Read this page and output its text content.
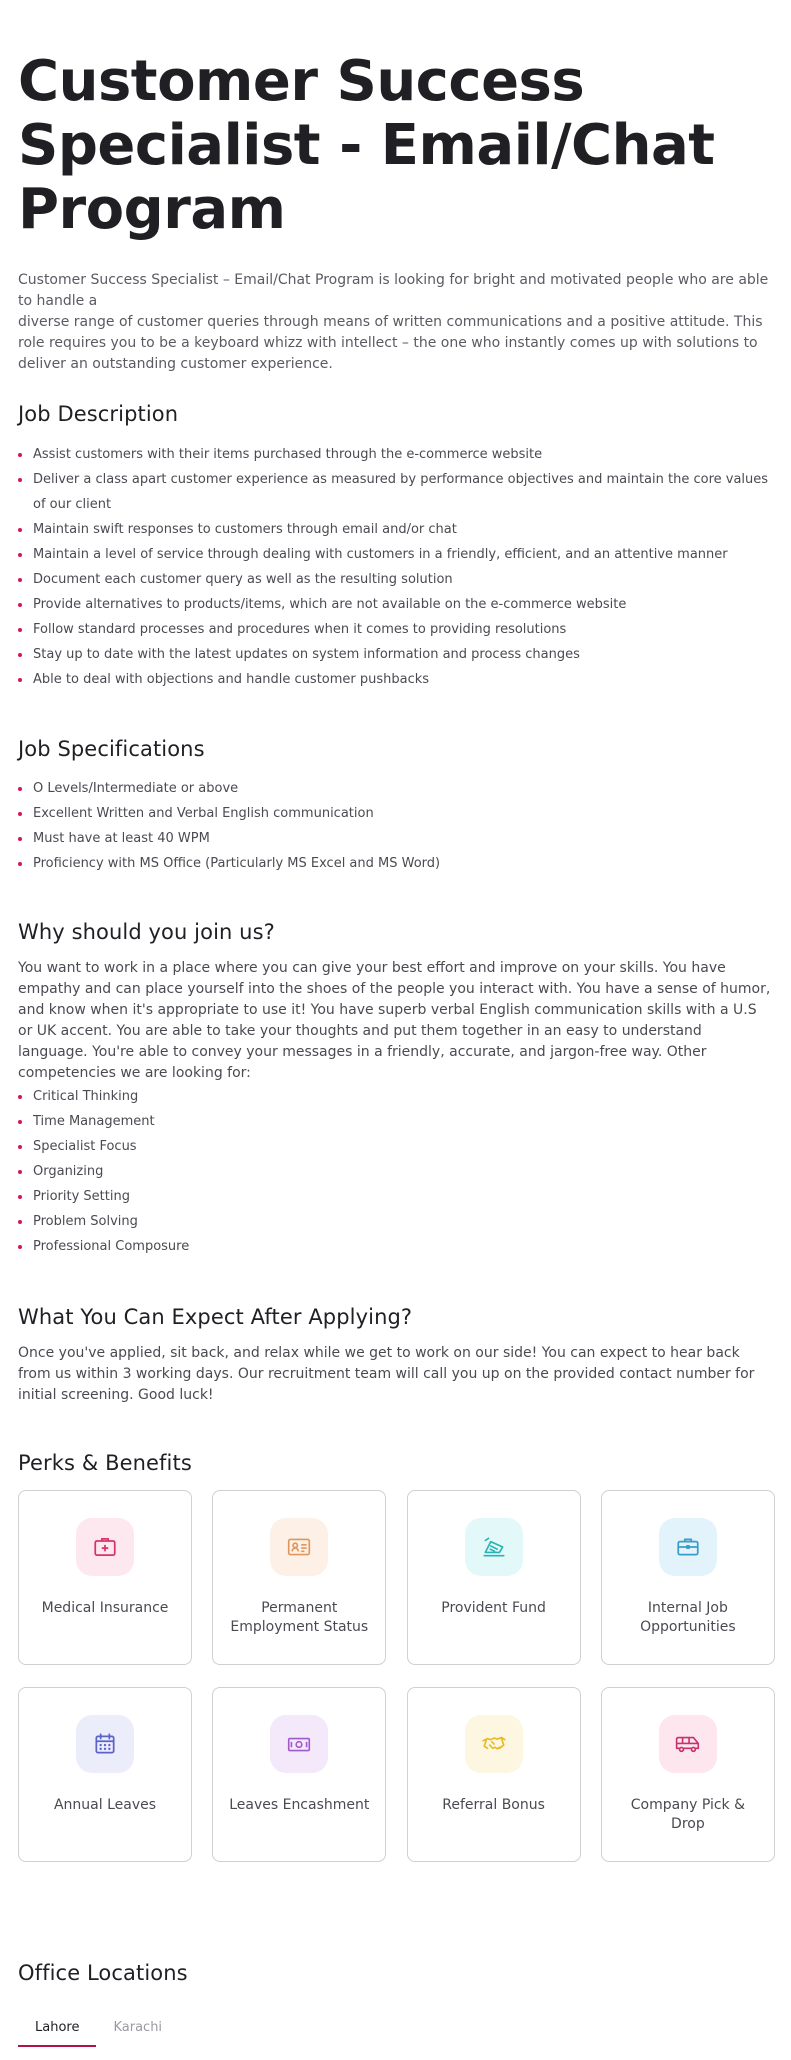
Customer Success Specialist - Email/Chat Program
Customer Success Specialist – Email/Chat Program is looking for bright and motivated people who are able to handle a
diverse range of customer queries through means of written communications and a positive attitude. This
role requires you to be a keyboard whizz with intellect – the one who instantly comes up with solutions to
deliver an outstanding customer experience.
Job Description
Assist customers with their items purchased through the e-commerce website
Deliver a class apart customer experience as measured by performance objectives and maintain the core values of our client
Maintain swift responses to customers through email and/or chat
Maintain a level of service through dealing with customers in a friendly, efficient, and an attentive manner
Document each customer query as well as the resulting solution
Provide alternatives to products/items, which are not available on the e-commerce website
Follow standard processes and procedures when it comes to providing resolutions
Stay up to date with the latest updates on system information and process changes
Able to deal with objections and handle customer pushbacks
Job Specifications
O Levels/Intermediate or above
Excellent Written and Verbal English communication
Must have at least 40 WPM
Proficiency with MS Office (Particularly MS Excel and MS Word)
Why should you join us?
You want to work in a place where you can give your best effort and improve on your skills. You have empathy and can place yourself into the shoes of the people you interact with. You have a sense of humor, and know when it's appropriate to use it! You have superb verbal English communication skills with a U.S or UK accent. You are able to take your thoughts and put them together in an easy to understand language. You're able to convey your messages in a friendly, accurate, and jargon-free way. Other competencies we are looking for:
Critical Thinking
Time Management
Specialist Focus
Organizing
Priority Setting
Problem Solving
Professional Composure
What You Can Expect After Applying?
Once you've applied, sit back, and relax while we get to work on our side! You can expect to hear back from us within 3 working days. Our recruitment team will call you up on the provided contact number for initial screening. Good luck!
Perks & Benefits
Medical Insurance	Permanent Employment Status
Provident Fund	Internal Job Opportunities
Annual Leaves	Leaves Encashment	Referral Bonus	Company Pick & Drop
Office Locations
Lahore	Karachi
